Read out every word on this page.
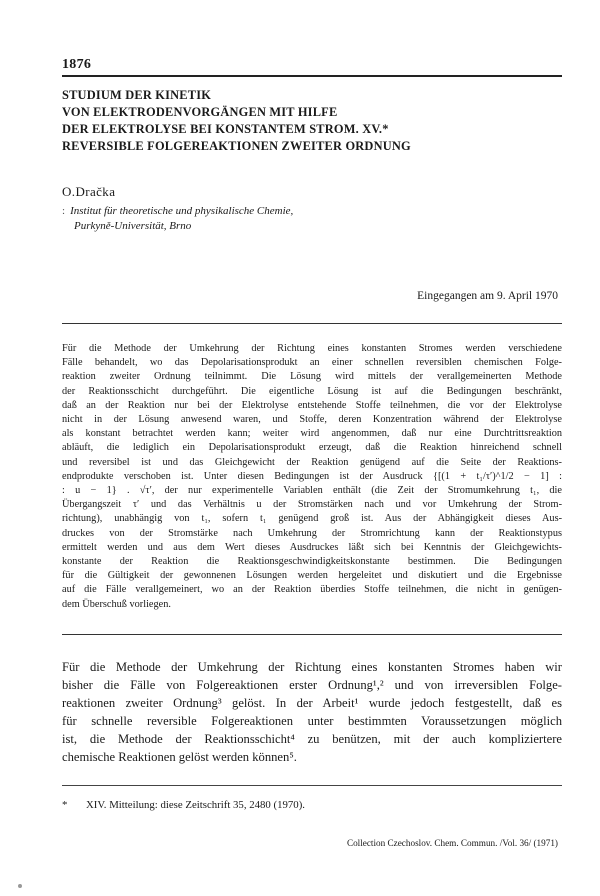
1876
STUDIUM DER KINETIK
VON ELEKTRODENVORGÄNGEN MIT HILFE
DER ELEKTROLYSE BEI KONSTANTEM STROM. XV.*
REVERSIBLE FOLGEREAKTIONEN ZWEITER ORDNUNG
O.Dračka
: Institut für theoretische und physikalische Chemie,
Purkyně-Universität, Brno
Eingegangen am 9. April 1970
Für die Methode der Umkehrung der Richtung eines konstanten Stromes werden verschiedene
Fälle behandelt, wo das Depolarisationsprodukt an einer schnellen reversiblen chemischen Folge-
reaktion zweiter Ordnung teilnimmt. Die Lösung wird mittels der verallgemeinerten Methode
der Reaktionsschicht durchgeführt. Die eigentliche Lösung ist auf die Bedingungen beschränkt,
daß an der Reaktion nur bei der Elektrolyse entstehende Stoffe teilnehmen, die vor der Elektrolyse
nicht in der Lösung anwesend waren, und Stoffe, deren Konzentration während der Elektrolyse
als konstant betrachtet werden kann; weiter wird angenommen, daß nur eine Durchtrittsreaktion
abläuft, die lediglich ein Depolarisationsprodukt erzeugt, daß die Reaktion hinreichend schnell
und reversibel ist und das Gleichgewicht der Reaktion genügend auf die Seite der Reaktions-
endprodukte verschoben ist. Unter diesen Bedingungen ist der Ausdruck {[(1 + t₁/τ′)^1/2 − 1] :
: u − 1} . √τ′, der nur experimentelle Variablen enthält (die Zeit der Stromumkehrung t₁, die
Übergangszeit τ′ und das Verhältnis u der Stromstärken nach und vor Umkehrung der Strom-
richtung), unabhängig von t₁, sofern t₁ genügend groß ist. Aus der Abhängigkeit dieses Aus-
druckes von der Stromstärke nach Umkehrung der Stromrichtung kann der Reaktionstypus
ermittelt werden und aus dem Wert dieses Ausdruckes läßt sich bei Kenntnis der Gleichgewichts-
konstante der Reaktion die Reaktionsgeschwindigkeitskonstante bestimmen. Die Bedingungen
für die Gültigkeit der gewonnenen Lösungen werden hergeleitet und diskutiert und die Ergebnisse
auf die Fälle verallgemeinert, wo an der Reaktion überdies Stoffe teilnehmen, die nicht in genügen-
dem Überschuß vorliegen.
Für die Methode der Umkehrung der Richtung eines konstanten Stromes haben wir
bisher die Fälle von Folgereaktionen erster Ordnung¹,² und von irreversiblen Folge-
reaktionen zweiter Ordnung³ gelöst. In der Arbeit¹ wurde jedoch festgestellt, daß es
für schnelle reversible Folgereaktionen unter bestimmten Voraussetzungen möglich
ist, die Methode der Reaktionsschicht⁴ zu benützen, mit der auch kompliziertere
chemische Reaktionen gelöst werden können⁵.
* XIV. Mitteilung: diese Zeitschrift 35, 2480 (1970).
Collection Czechoslov. Chem. Commun. /Vol. 36/ (1971)
